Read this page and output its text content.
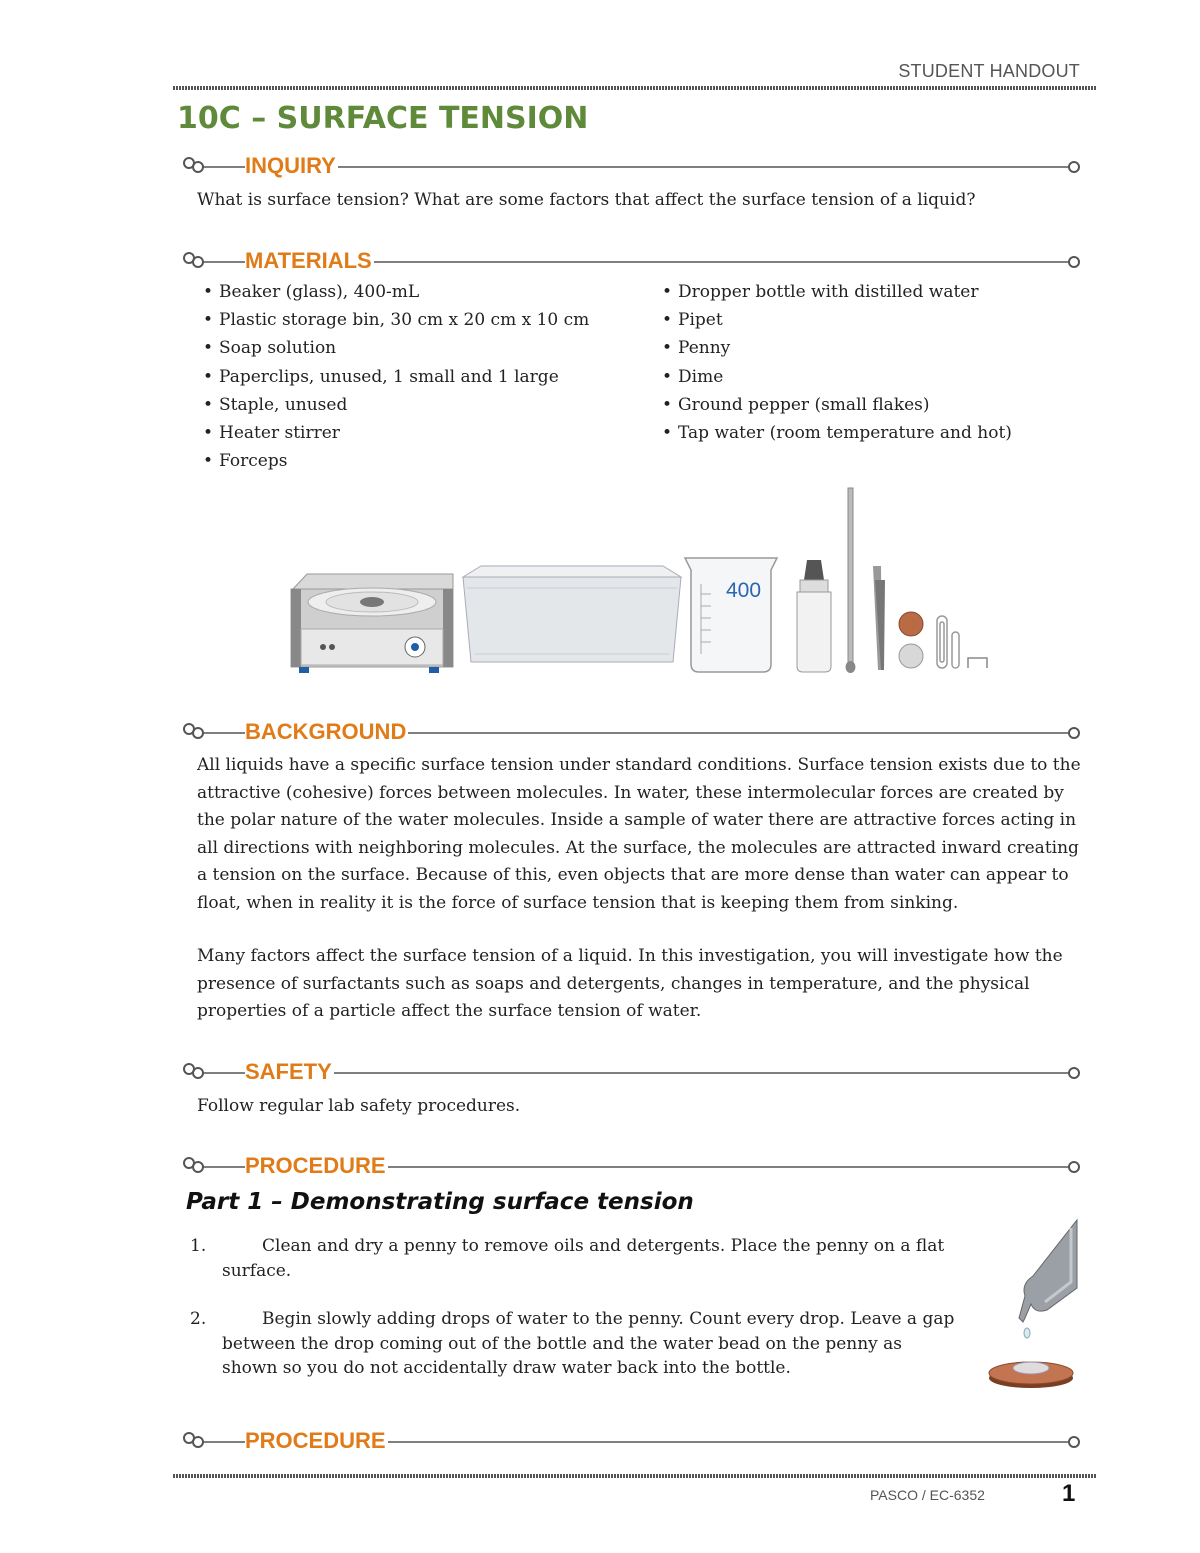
STUDENT HANDOUT
10C – SURFACE TENSION
INQUIRY
What is surface tension? What are some factors that affect the surface tension of a liquid?
MATERIALS
• Beaker (glass), 400-mL
• Plastic storage bin, 30 cm x 20 cm x 10 cm
• Soap solution
• Paperclips, unused, 1 small and 1 large
• Staple, unused
• Heater stirrer
• Forceps
• Dropper bottle with distilled water
• Pipet
• Penny
• Dime
• Ground pepper (small flakes)
• Tap water (room temperature and hot)
400
BACKGROUND
All liquids have a specific surface tension under standard conditions. Surface tension exists due to the attractive (cohesive) forces between molecules. In water, these intermolecular forces are created by the polar nature of the water molecules. Inside a sample of water there are attractive forces acting in all directions with neighboring molecules. At the surface, the molecules are attracted inward creating a tension on the surface. Because of this, even objects that are more dense than water can appear to float, when in reality it is the force of surface tension that is keeping them from sinking.
Many factors affect the surface tension of a liquid. In this investigation, you will investigate how the presence of surfactants such as soaps and detergents, changes in temperature, and the physical properties of a particle affect the surface tension of water.
SAFETY
Follow regular lab safety procedures.
PROCEDURE
Part 1 – Demonstrating surface tension
1.	Clean and dry a penny to remove oils and detergents. Place the penny on a flat surface.
2.	Begin slowly adding drops of water to the penny. Count every drop. Leave a gap between the drop coming out of the bottle and the water bead on the penny as shown so you do not accidentally draw water back into the bottle.
PROCEDURE
PASCO / EC-6352	1
